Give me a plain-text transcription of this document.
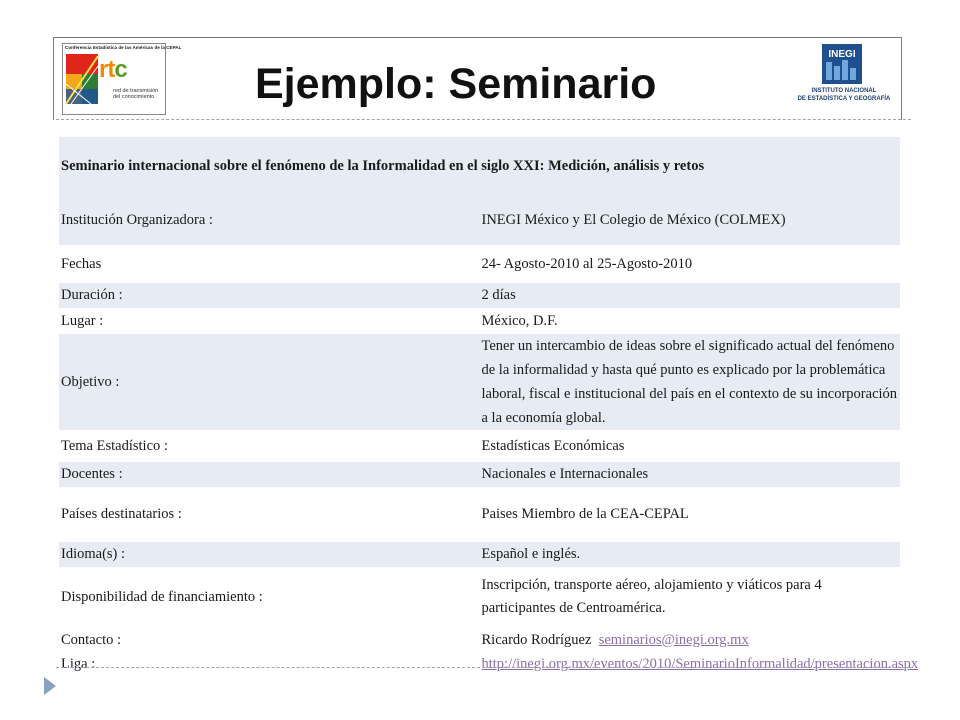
Conferencia Estadística de las Américas de la CEPAL
rtc
red de transmisión del conocimiento Ejemplo: Seminario
INEGI
INSTITUTO NACIONAL
DE ESTADÍSTICA Y GEOGRAFÍA
Seminario internacional sobre el fenómeno de la Informalidad en el siglo XXI: Medición, análisis y retos	
Institución Organizadora :	INEGI México y El Colegio de México (COLMEX)
Fechas	24- Agosto-2010 al 25-Agosto-2010
Duración :	2 días
Lugar :	México, D.F.
Objetivo :	Tener un intercambio de ideas sobre el significado actual del fenómeno de la informalidad y hasta qué punto es explicado por la problemática laboral, fiscal e institucional del país en el contexto de su incorporación a la economía global.
Tema Estadístico :	Estadísticas Económicas
Docentes :	Nacionales e Internacionales
Países destinatarios :	Paises Miembro de la CEA-CEPAL
Idioma(s) :	Español e inglés.
Disponibilidad de financiamiento :	Inscripción, transporte aéreo, alojamiento y viáticos para 4 participantes de Centroamérica.
Contacto :	Ricardo Rodríguez seminarios@inegi.org.mx
Liga :	http://inegi.org.mx/eventos/2010/SeminarioInformalidad/presentacion.aspx
